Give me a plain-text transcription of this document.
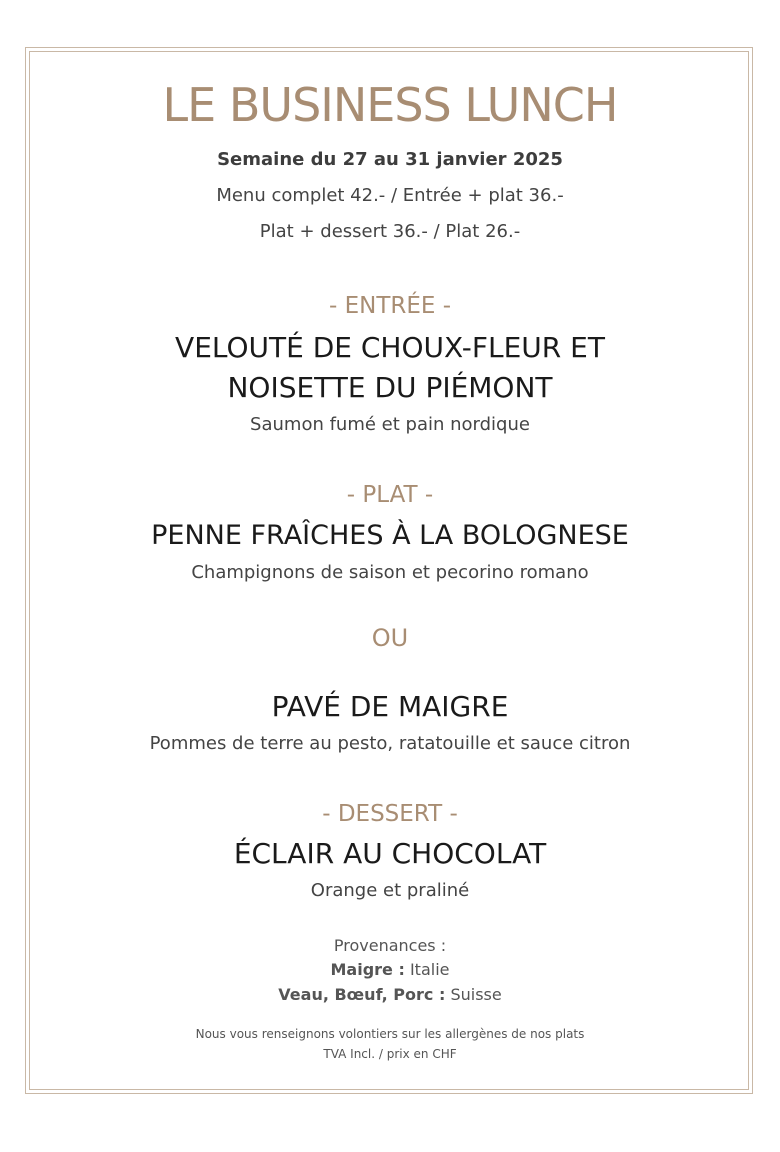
LE BUSINESS LUNCH
Semaine du 27 au 31 janvier 2025
Menu complet 42.- / Entrée + plat 36.-
Plat + dessert 36.- / Plat 26.-
- ENTRÉE -
VELOUTÉ DE CHOUX-FLEUR ET
NOISETTE DU PIÉMONT
Saumon fumé et pain nordique
- PLAT -
PENNE FRAÎCHES À LA BOLOGNESE
Champignons de saison et pecorino romano
OU
PAVÉ DE MAIGRE
Pommes de terre au pesto, ratatouille et sauce citron
- DESSERT -
ÉCLAIR AU CHOCOLAT
Orange et praliné
Provenances :
Maigre : Italie
Veau, Bœuf, Porc : Suisse
Nous vous renseignons volontiers sur les allergènes de nos plats
TVA Incl. / prix en CHF
